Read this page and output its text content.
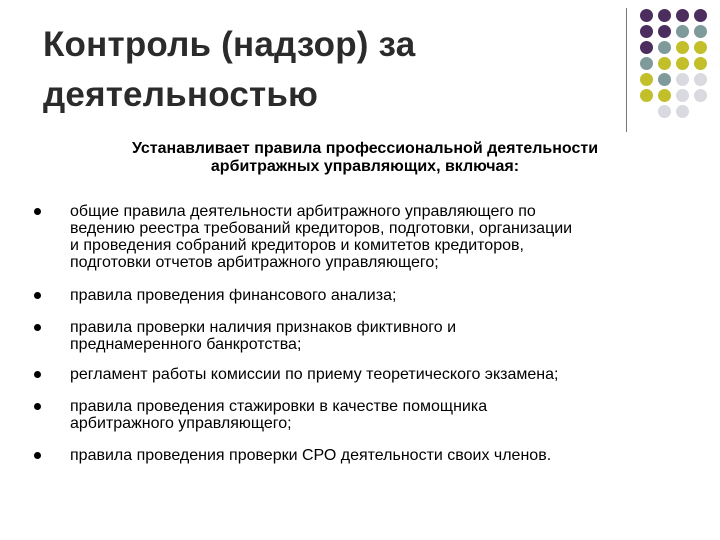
Контроль (надзор) за
деятельностью
Устанавливает правила профессиональной деятельности
арбитражных управляющих, включая:
общие правила деятельности арбитражного управляющего по
ведению реестра требований кредиторов, подготовки, организации
и проведения собраний кредиторов и комитетов кредиторов,
подготовки отчетов арбитражного управляющего;
правила проведения финансового анализа;
правила проверки наличия признаков фиктивного и
преднамеренного банкротства;
регламент работы комиссии по приему теоретического экзамена;
правила проведения стажировки в качестве помощника
арбитражного управляющего;
правила проведения проверки СРО деятельности своих членов.
